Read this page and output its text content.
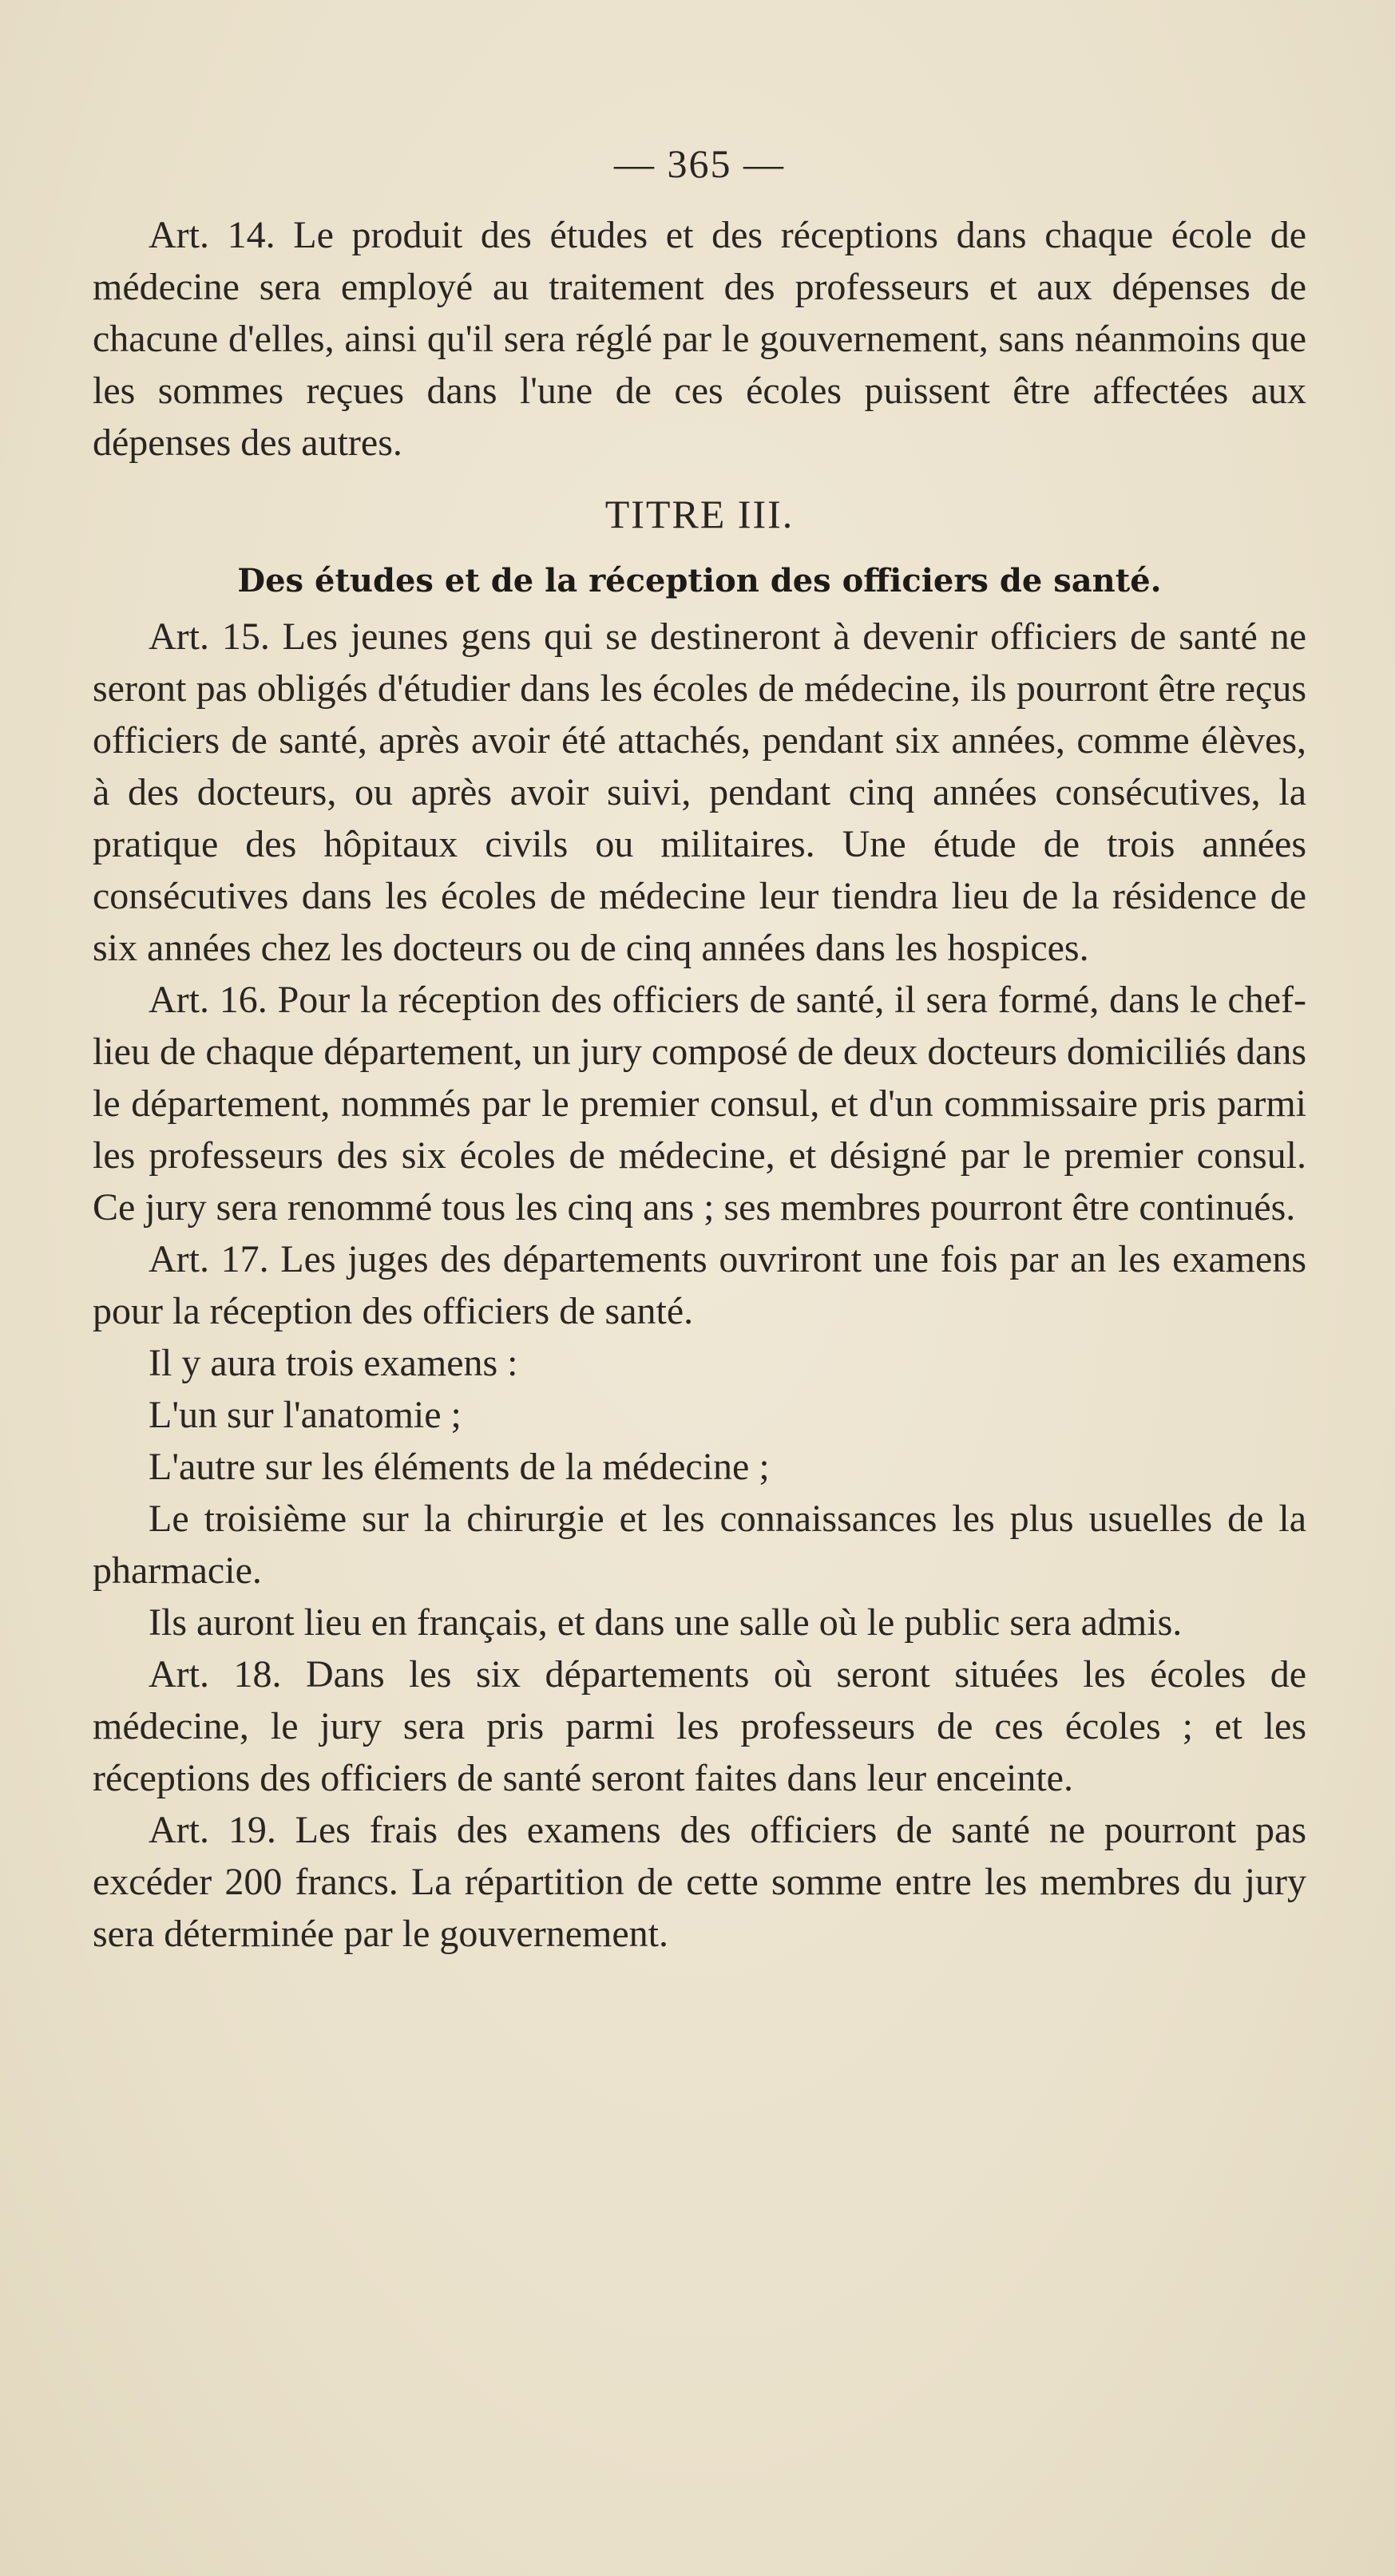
— 365 —

Art. 14. Le produit des études et des réceptions dans chaque école de médecine sera employé au traitement des professeurs et aux dépenses de chacune d'elles, ainsi qu'il sera réglé par le gouvernement, sans néanmoins que les sommes reçues dans l'une de ces écoles puissent être affectées aux dépenses des autres.

TITRE III.
Des études et de la réception des officiers de santé.

Art. 15. Les jeunes gens qui se destineront à devenir officiers de santé ne seront pas obligés d'étudier dans les écoles de médecine, ils pourront être reçus officiers de santé, après avoir été attachés, pendant six années, comme élèves, à des docteurs, ou après avoir suivi, pendant cinq années consécutives, la pratique des hôpitaux civils ou militaires. Une étude de trois années consécutives dans les écoles de médecine leur tiendra lieu de la résidence de six années chez les docteurs ou de cinq années dans les hospices.

Art. 16. Pour la réception des officiers de santé, il sera formé, dans le chef-lieu de chaque département, un jury composé de deux docteurs domiciliés dans le département, nommés par le premier consul, et d'un commissaire pris parmi les professeurs des six écoles de médecine, et désigné par le premier consul. Ce jury sera renommé tous les cinq ans ; ses membres pourront être continués.

Art. 17. Les juges des départements ouvriront une fois par an les examens pour la réception des officiers de santé.

Il y aura trois examens :

L'un sur l'anatomie ;

L'autre sur les éléments de la médecine ;

Le troisième sur la chirurgie et les connaissances les plus usuelles de la pharmacie.

Ils auront lieu en français, et dans une salle où le public sera admis.

Art. 18. Dans les six départements où seront situées les écoles de médecine, le jury sera pris parmi les professeurs de ces écoles ; et les réceptions des officiers de santé seront faites dans leur enceinte.

Art. 19. Les frais des examens des officiers de santé ne pourront pas excéder 200 francs. La répartition de cette somme entre les membres du jury sera déterminée par le gouvernement.
